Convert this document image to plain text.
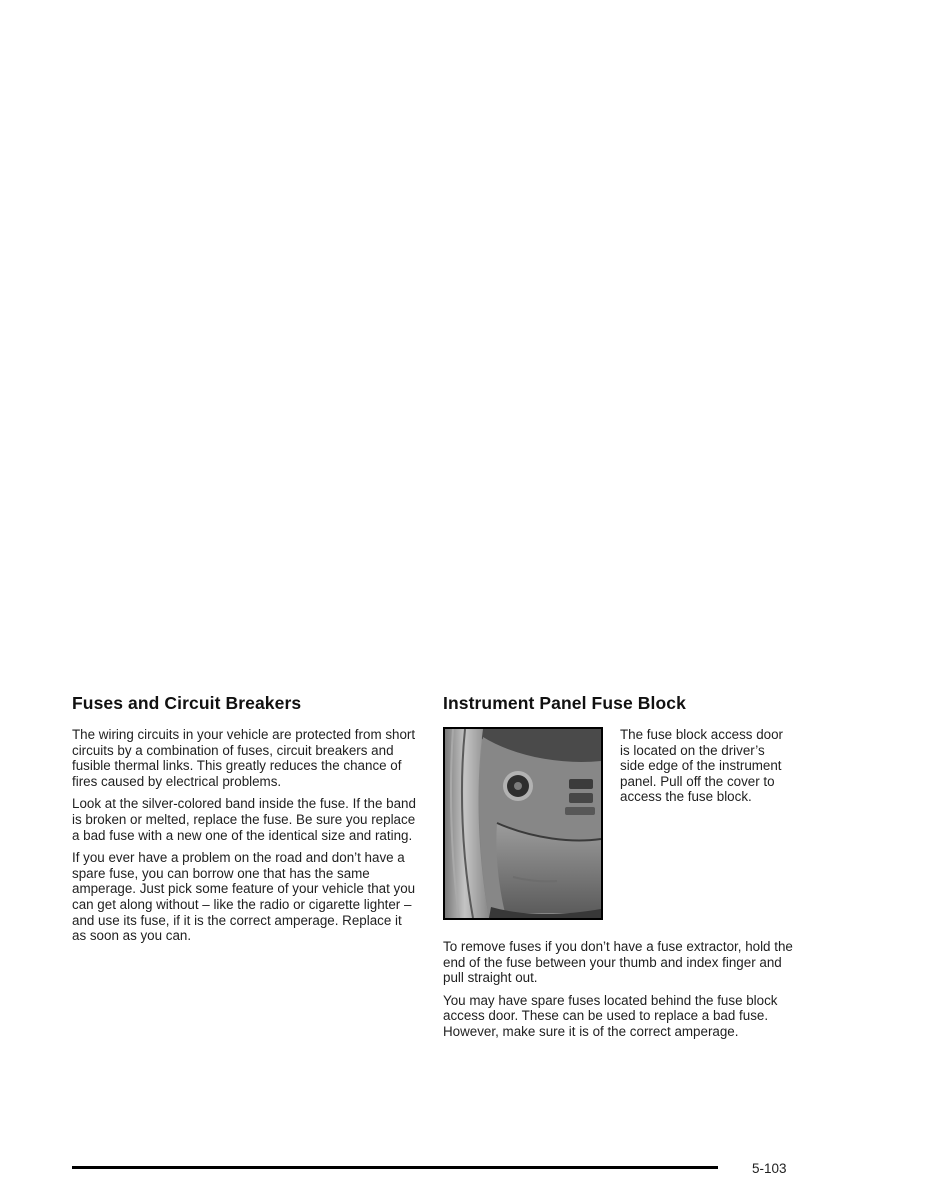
Fuses and Circuit Breakers

The wiring circuits in your vehicle are protected from short circuits by a combination of fuses, circuit breakers and fusible thermal links. This greatly reduces the chance of fires caused by electrical problems.

Look at the silver-colored band inside the fuse. If the band is broken or melted, replace the fuse. Be sure you replace a bad fuse with a new one of the identical size and rating.

If you ever have a problem on the road and don’t have a spare fuse, you can borrow one that has the same amperage. Just pick some feature of your vehicle that you can get along without – like the radio or cigarette lighter – and use its fuse, if it is the correct amperage. Replace it as soon as you can.

Instrument Panel Fuse Block

The fuse block access door is located on the driver’s side edge of the instrument panel. Pull off the cover to access the fuse block.

To remove fuses if you don’t have a fuse extractor, hold the end of the fuse between your thumb and index finger and pull straight out.

You may have spare fuses located behind the fuse block access door. These can be used to replace a bad fuse. However, make sure it is of the correct amperage.

5-103
